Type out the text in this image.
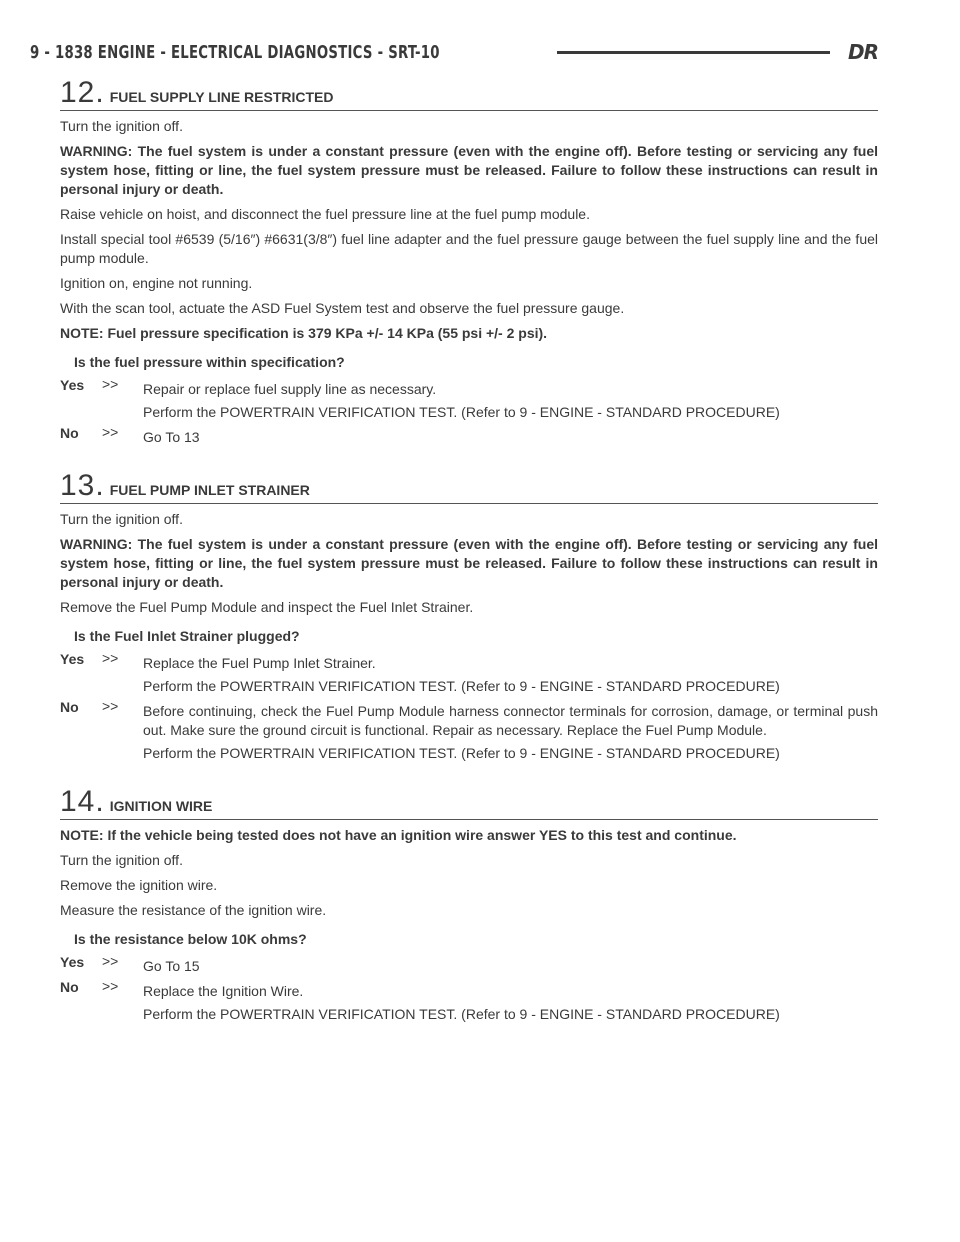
9 - 1838 ENGINE - ELECTRICAL DIAGNOSTICS - SRT-10	DR
12 . FUEL SUPPLY LINE RESTRICTED

Turn the ignition off.

WARNING: The fuel system is under a constant pressure (even with the engine off). Before testing or servicing any fuel system hose, fitting or line, the fuel system pressure must be released. Failure to follow these instructions can result in personal injury or death.

Raise vehicle on hoist, and disconnect the fuel pressure line at the fuel pump module.

Install special tool #6539 (5/16″) #6631(3/8″) fuel line adapter and the fuel pressure gauge between the fuel supply line and the fuel pump module.

Ignition on, engine not running.

With the scan tool, actuate the ASD Fuel System test and observe the fuel pressure gauge.

NOTE: Fuel pressure specification is 379 KPa +/- 14 KPa (55 psi +/- 2 psi).

Is the fuel pressure within specification?

Yes	>>	Repair or replace fuel supply line as necessary.

Perform the POWERTRAIN VERIFICATION TEST. (Refer to 9 - ENGINE - STANDARD PROCEDURE)

No	>>	Go To 13

13 . FUEL PUMP INLET STRAINER

Turn the ignition off.

WARNING: The fuel system is under a constant pressure (even with the engine off). Before testing or servicing any fuel system hose, fitting or line, the fuel system pressure must be released. Failure to follow these instructions can result in personal injury or death.

Remove the Fuel Pump Module and inspect the Fuel Inlet Strainer.

Is the Fuel Inlet Strainer plugged?

Yes	>>	Replace the Fuel Pump Inlet Strainer.

Perform the POWERTRAIN VERIFICATION TEST. (Refer to 9 - ENGINE - STANDARD PROCEDURE)

No	>>	Before continuing, check the Fuel Pump Module harness connector terminals for corrosion, damage, or terminal push out. Make sure the ground circuit is functional. Repair as necessary. Replace the Fuel Pump Module.

Perform the POWERTRAIN VERIFICATION TEST. (Refer to 9 - ENGINE - STANDARD PROCEDURE)

14 . IGNITION WIRE

NOTE: If the vehicle being tested does not have an ignition wire answer YES to this test and continue.

Turn the ignition off.

Remove the ignition wire.

Measure the resistance of the ignition wire.

Is the resistance below 10K ohms?

Yes	>>	Go To 15

No	>>	Replace the Ignition Wire.

Perform the POWERTRAIN VERIFICATION TEST. (Refer to 9 - ENGINE - STANDARD PROCEDURE)
